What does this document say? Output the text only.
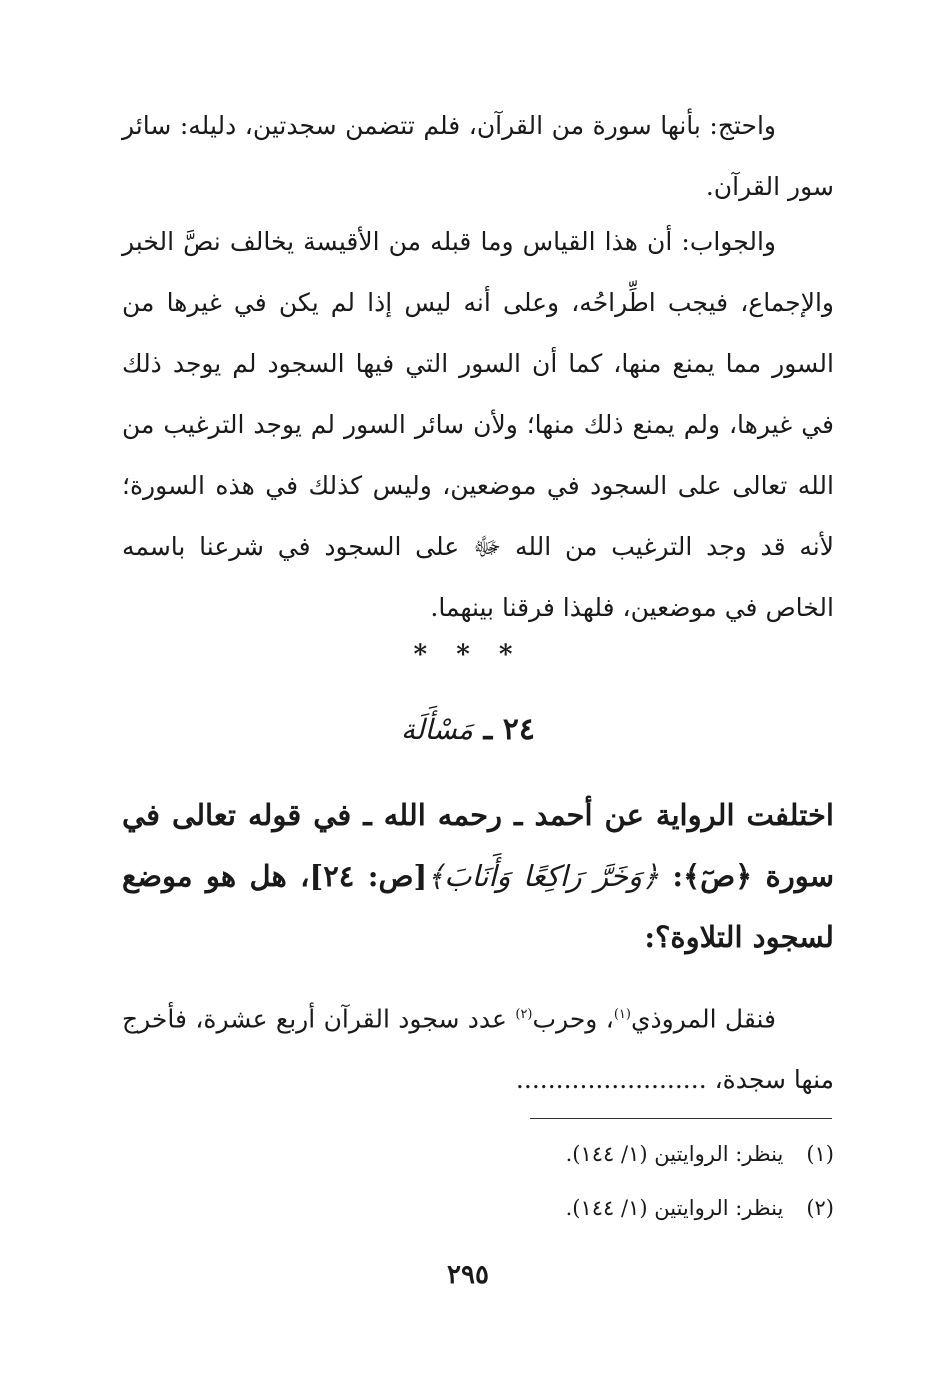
واحتج: بأنها سورة من القرآن، فلم تتضمن سجدتين، دليله: سائر سور القرآن.

والجواب: أن هذا القياس وما قبله من الأقيسة يخالف نصَّ الخبر والإجماع، فيجب اطِّراحُه، وعلى أنه ليس إذا لم يكن في غيرها من السور مما يمنع منها، كما أن السور التي فيها السجود لم يوجد ذلك في غيرها، ولم يمنع ذلك منها؛ ولأن سائر السور لم يوجد الترغيب من الله تعالى على السجود في موضعين، وليس كذلك في هذه السورة؛ لأنه قد وجد الترغيب من الله ﷻ على السجود في شرعنا باسمه الخاص في موضعين، فلهذا فرقنا بينهما.

* * *
٢٤ ـ مَسْأَلَة

اختلفت الرواية عن أحمد ـ رحمه الله ـ في قوله تعالى في سورة ﴿صٓ﴾: ﴿وَخَرَّ رَاكِعًا وَأَنَابَ﴾[ص: ٢٤]، هل هو موضع لسجود التلاوة؟:

فنقل المروذي$^{(١)}$، وحرب$^{(٢)}$ عدد سجود القرآن أربع عشرة، فأخرج منها سجدة، ........................

(١) ينظر: الروايتين (١/ ١٤٤).
(٢) ينظر: الروايتين (١/ ١٤٤).
٢٩٥
